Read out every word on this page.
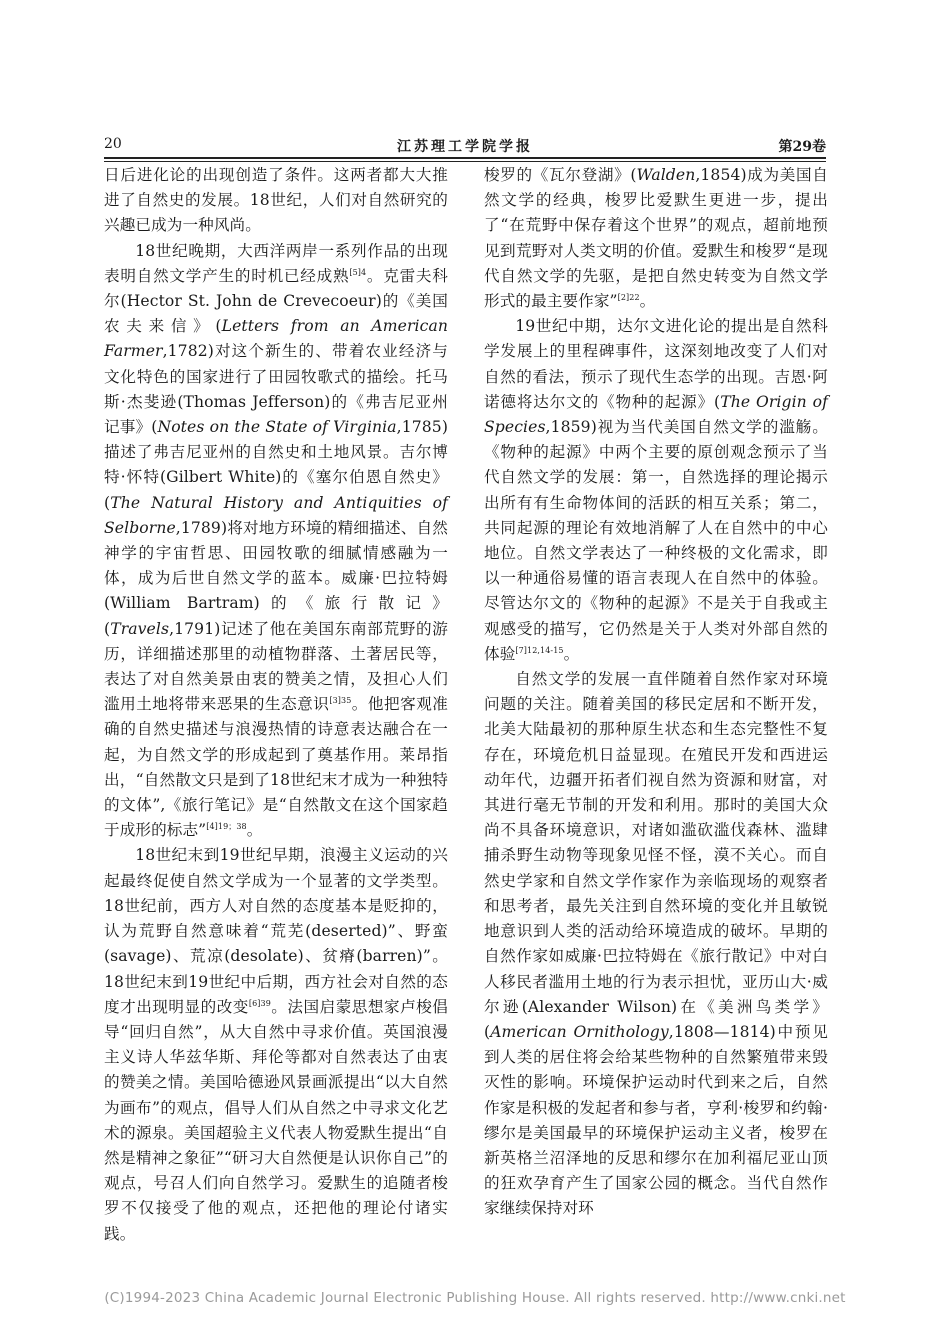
20	江苏理工学院学报	第29卷

日后进化论的出现创造了条件。这两者都大大推进了自然史的发展。18世纪，人们对自然研究的兴趣已成为一种风尚。

18世纪晚期，大西洋两岸一系列作品的出现表明自然文学产生的时机已经成熟$^{[5]4}$。克雷夫科尔(Hector St. John de Crevecoeur)的《美国农夫来信》(Letters from an American Farmer,1782)对这个新生的、带着农业经济与文化特色的国家进行了田园牧歌式的描绘。托马斯·杰斐逊(Thomas Jefferson)的《弗吉尼亚州记事》(Notes on the State of Virginia,1785)描述了弗吉尼亚州的自然史和土地风景。吉尔博特·怀特(Gilbert White)的《塞尔伯恩自然史》(The Natural History and Antiquities of Selborne,1789)将对地方环境的精细描述、自然神学的宇宙哲思、田园牧歌的细腻情感融为一体，成为后世自然文学的蓝本。威廉·巴拉特姆(William Bartram)的《旅行散记》(Travels,1791)记述了他在美国东南部荒野的游历，详细描述那里的动植物群落、土著居民等，表达了对自然美景由衷的赞美之情，及担心人们滥用土地将带来恶果的生态意识$^{[3]35}$。他把客观准确的自然史描述与浪漫热情的诗意表达融合在一起，为自然文学的形成起到了奠基作用。莱昂指出，“自然散文只是到了18世纪末才成为一种独特的文体”,《旅行笔记》是“自然散文在这个国家趋于成形的标志”$^{[4]19;38}$。

18世纪末到19世纪早期，浪漫主义运动的兴起最终促使自然文学成为一个显著的文学类型。18世纪前，西方人对自然的态度基本是贬抑的，认为荒野自然意味着“荒芜(deserted)”、野蛮(savage)、荒凉(desolate)、贫瘠(barren)”。18世纪末到19世纪中后期，西方社会对自然的态度才出现明显的改变$^{[6]39}$。法国启蒙思想家卢梭倡导“回归自然”，从大自然中寻求价值。英国浪漫主义诗人华兹华斯、拜伦等都对自然表达了由衷的赞美之情。美国哈德逊风景画派提出“以大自然为画布”的观点，倡导人们从自然之中寻求文化艺术的源泉。美国超验主义代表人物爱默生提出“自然是精神之象征”“研习大自然便是认识你自己”的观点，号召人们向自然学习。爱默生的追随者梭罗不仅接受了他的观点，还把他的理论付诸实践。

梭罗的《瓦尔登湖》(Walden,1854)成为美国自然文学的经典，梭罗比爱默生更进一步，提出了“在荒野中保存着这个世界”的观点，超前地预见到荒野对人类文明的价值。爱默生和梭罗“是现代自然文学的先驱，是把自然史转变为自然文学形式的最主要作家”$^{[2]22}$。

19世纪中期，达尔文进化论的提出是自然科学发展上的里程碑事件，这深刻地改变了人们对自然的看法，预示了现代生态学的出现。吉恩·阿诺德将达尔文的《物种的起源》(The Origin of Species,1859)视为当代美国自然文学的滥觞。《物种的起源》中两个主要的原创观念预示了当代自然文学的发展：第一，自然选择的理论揭示出所有有生命物体间的活跃的相互关系；第二，共同起源的理论有效地消解了人在自然中的中心地位。自然文学表达了一种终极的文化需求，即以一种通俗易懂的语言表现人在自然中的体验。尽管达尔文的《物种的起源》不是关于自我或主观感受的描写，它仍然是关于人类对外部自然的体验$^{[7]12,14-15}$。

自然文学的发展一直伴随着自然作家对环境问题的关注。随着美国的移民定居和不断开发，北美大陆最初的那种原生状态和生态完整性不复存在，环境危机日益显现。在殖民开发和西进运动年代，边疆开拓者们视自然为资源和财富，对其进行毫无节制的开发和利用。那时的美国大众尚不具备环境意识，对诸如滥砍滥伐森林、滥肆捕杀野生动物等现象见怪不怪，漠不关心。而自然史学家和自然文学作家作为亲临现场的观察者和思考者，最先关注到自然环境的变化并且敏锐地意识到人类的活动给环境造成的破坏。早期的自然作家如威廉·巴拉特姆在《旅行散记》中对白人移民者滥用土地的行为表示担忧，亚历山大·威尔逊(Alexander Wilson)在《美洲鸟类学》(American Ornithology,1808—1814)中预见到人类的居住将会给某些物种的自然繁殖带来毁灭性的影响。环境保护运动时代到来之后，自然作家是积极的发起者和参与者，亨利·梭罗和约翰·缪尔是美国最早的环境保护运动主义者，梭罗在新英格兰沼泽地的反思和缪尔在加利福尼亚山顶的狂欢孕育产生了国家公园的概念。当代自然作家继续保持对环

(C)1994-2023 China Academic Journal Electronic Publishing House. All rights reserved. http://www.cnki.net
